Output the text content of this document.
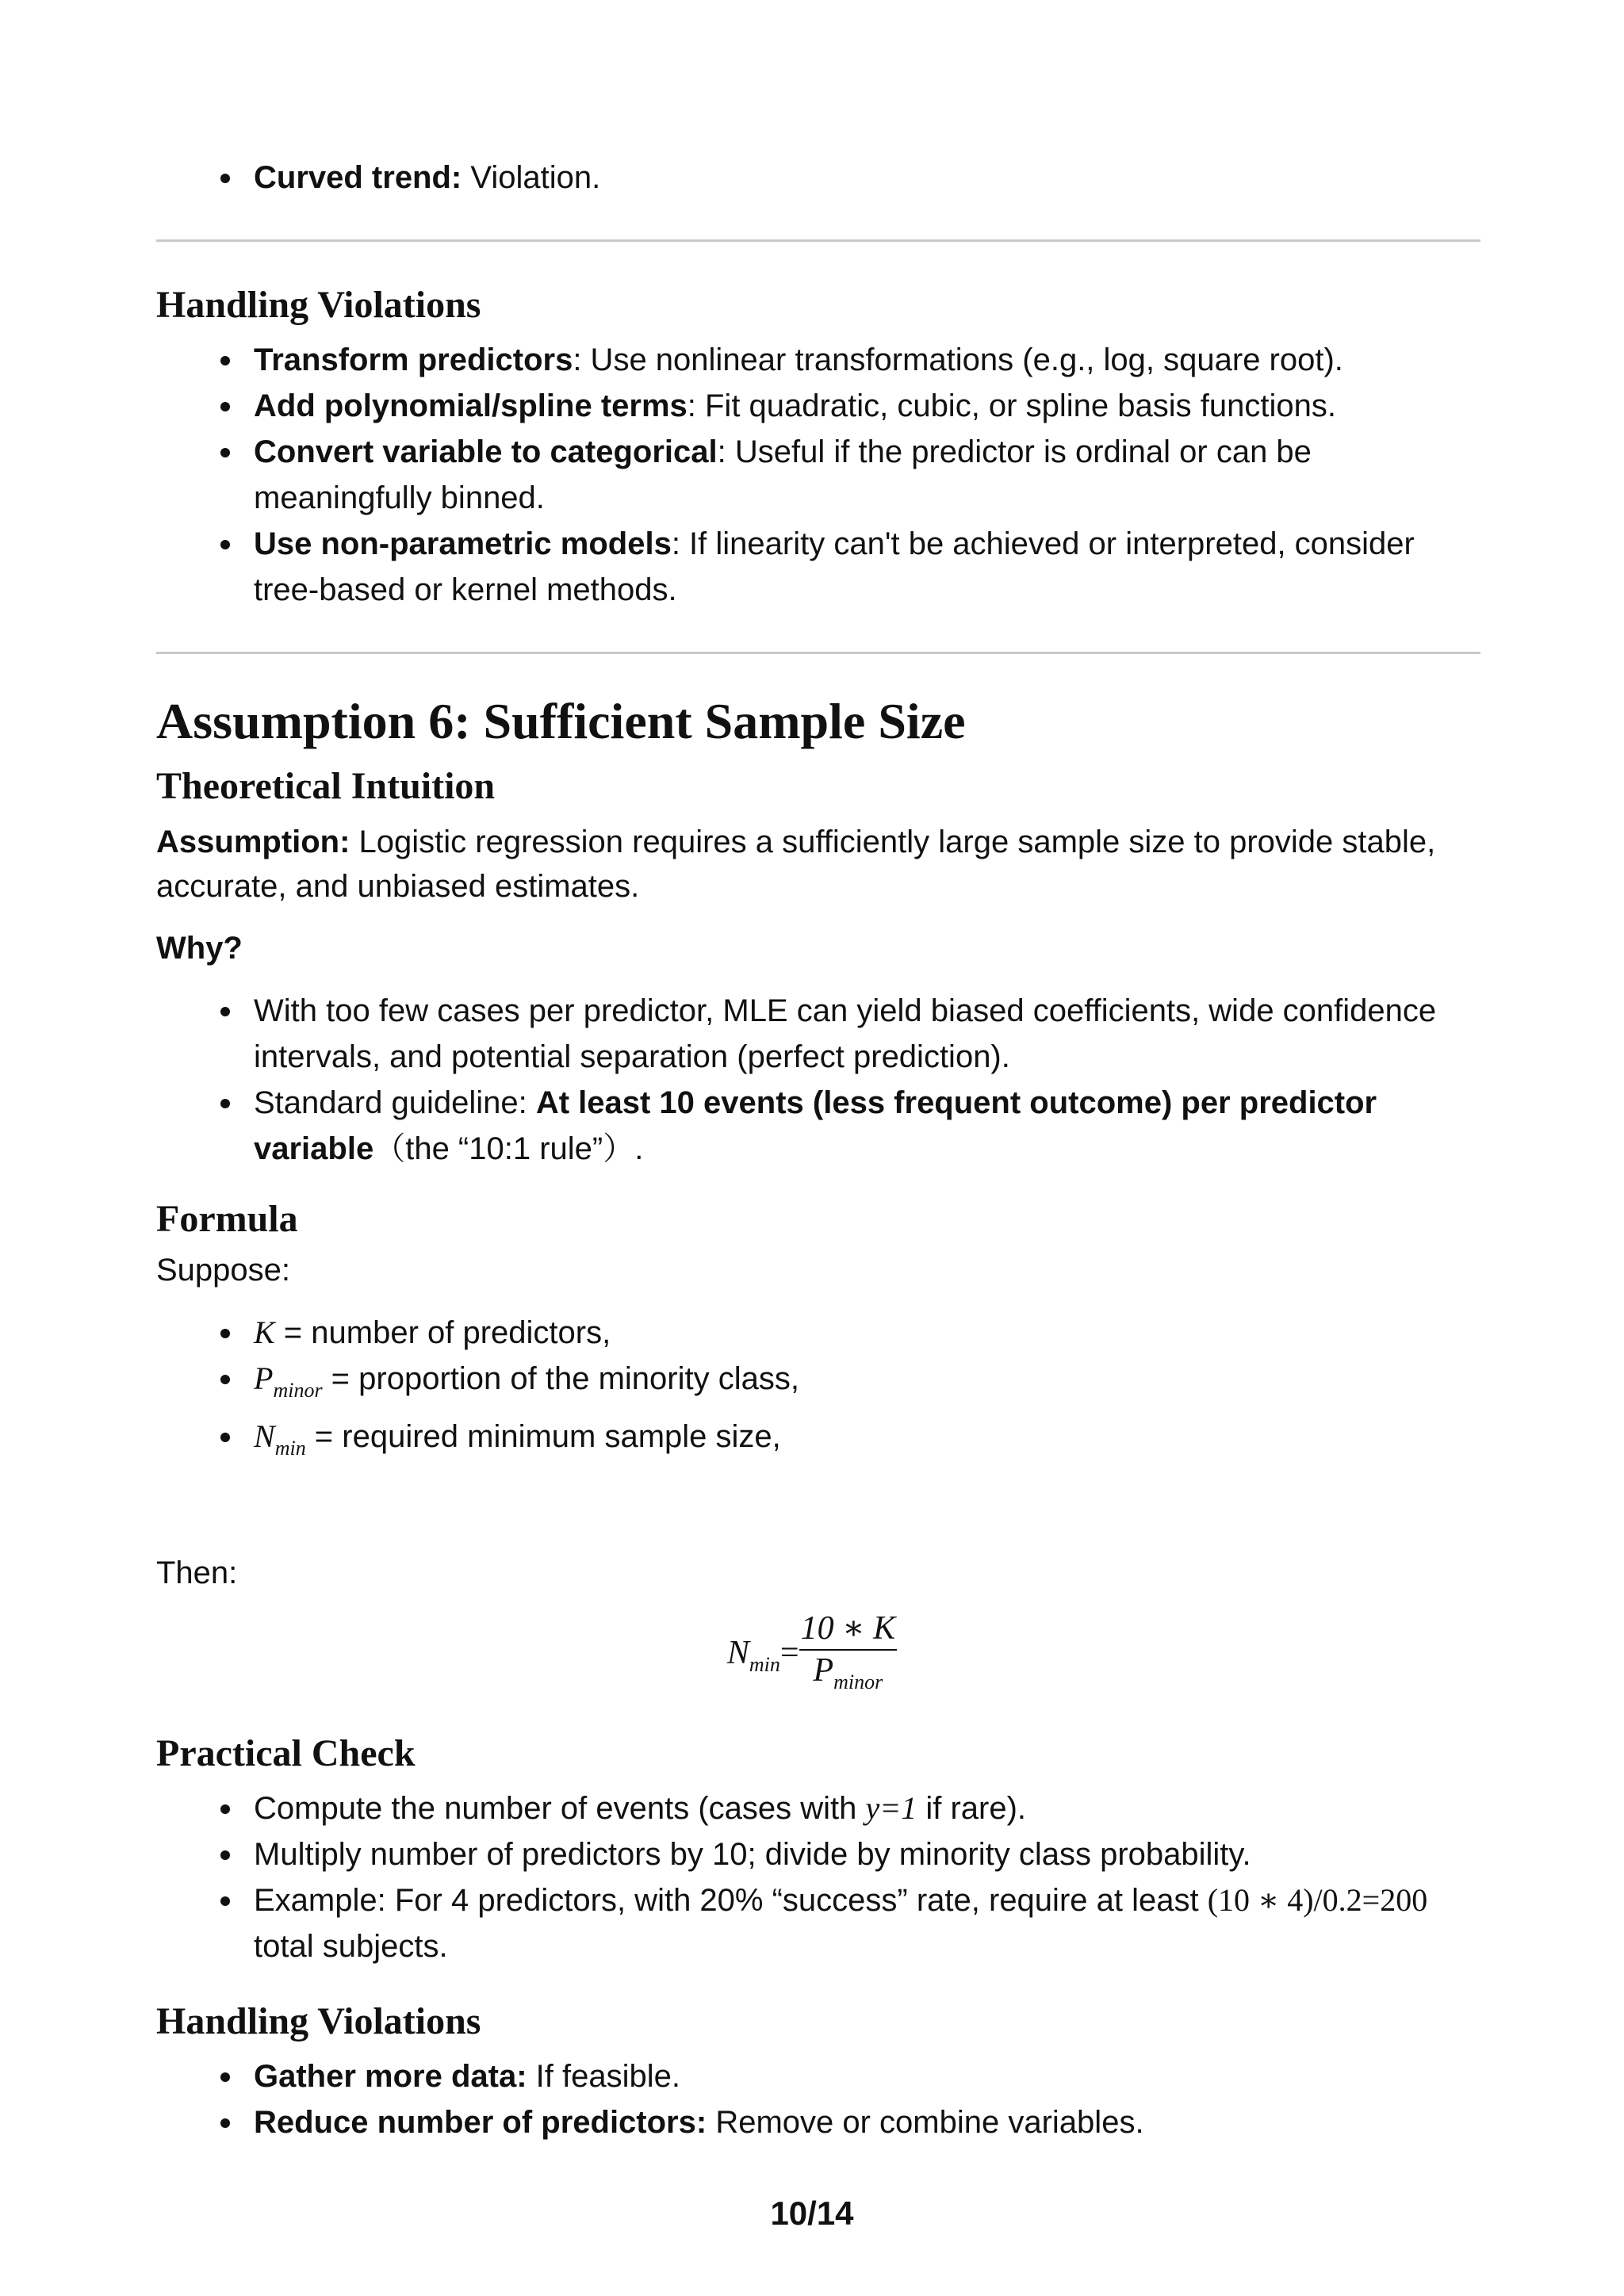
Curved trend: Violation.
Handling Violations
Transform predictors: Use nonlinear transformations (e.g., log, square root).
Add polynomial/spline terms: Fit quadratic, cubic, or spline basis functions.
Convert variable to categorical: Useful if the predictor is ordinal or can be meaningfully binned.
Use non-parametric models: If linearity can't be achieved or interpreted, consider tree-based or kernel methods.
Assumption 6: Sufficient Sample Size
Theoretical Intuition

Assumption: Logistic regression requires a sufficiently large sample size to provide stable, accurate, and unbiased estimates.

Why?

With too few cases per predictor, MLE can yield biased coefficients, wide confidence intervals, and potential separation (perfect prediction).
Standard guideline: At least 10 events (less frequent outcome) per predictor variable（the “10:1 rule”）.
Formula

Suppose:

K = number of predictors,
$P_{minor}$ = proportion of the minority class,
$N_{min}$ = required minimum sample size,

Then:

$N_{min}= \frac{10 ∗ K}{P_{minor}}$
Practical Check
Compute the number of events (cases with y=1 if rare).
Multiply number of predictors by 10; divide by minority class probability.
Example: For 4 predictors, with 20% “success” rate, require at least (10 ∗ 4)/0.2=200 total subjects.
Handling Violations
Gather more data: If feasible.
Reduce number of predictors: Remove or combine variables.
10/14
